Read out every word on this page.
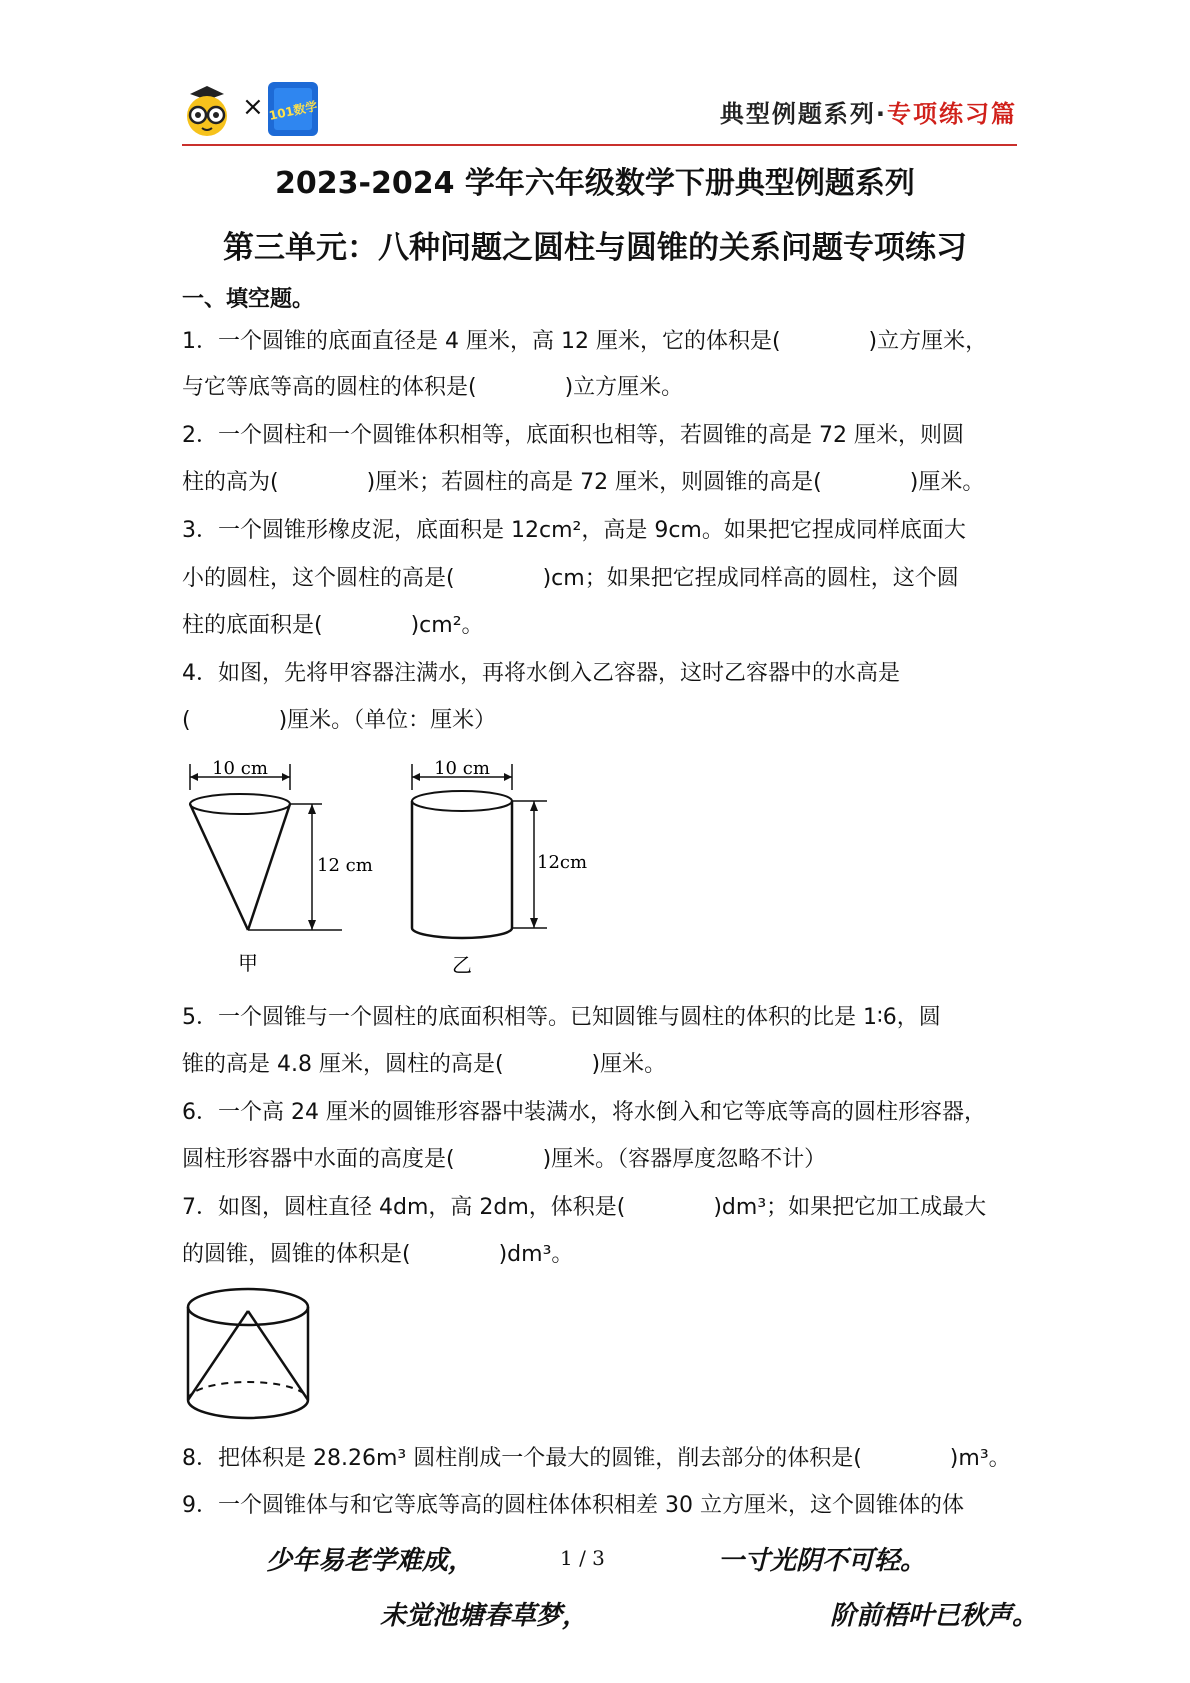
× 101数学	典型例题系列·专项练习篇
2023-2024 学年六年级数学下册典型例题系列
第三单元：八种问题之圆柱与圆锥的关系问题专项练习
一、填空题。
1．一个圆锥的底面直径是 4 厘米，高 12 厘米，它的体积是(　　　　)立方厘米，
与它等底等高的圆柱的体积是(　　　　)立方厘米。
2．一个圆柱和一个圆锥体积相等，底面积也相等，若圆锥的高是 72 厘米，则圆
柱的高为(　　　　)厘米；若圆柱的高是 72 厘米，则圆锥的高是(　　　　)厘米。
3．一个圆锥形橡皮泥，底面积是 12cm²，高是 9cm。如果把它捏成同样底面大
小的圆柱，这个圆柱的高是(　　　　)cm；如果把它捏成同样高的圆柱，这个圆
柱的底面积是(　　　　)cm²。
4．如图，先将甲容器注满水，再将水倒入乙容器，这时乙容器中的水高是
(　　　　)厘米。（单位：厘米）
10 cm
12 cm
甲
10 cm
12cm
乙
5．一个圆锥与一个圆柱的底面积相等。已知圆锥与圆柱的体积的比是 1∶6，圆
锥的高是 4.8 厘米，圆柱的高是(　　　　)厘米。
6．一个高 24 厘米的圆锥形容器中装满水，将水倒入和它等底等高的圆柱形容器，
圆柱形容器中水面的高度是(　　　　)厘米。（容器厚度忽略不计）
7．如图，圆柱直径 4dm，高 2dm，体积是(　　　　)dm³；如果把它加工成最大
的圆锥，圆锥的体积是(　　　　)dm³。
8．把体积是 28.26m³ 圆柱削成一个最大的圆锥，削去部分的体积是(　　　　)m³。
9．一个圆锥体与和它等底等高的圆柱体体积相差 30 立方厘米，这个圆锥体的体
少年易老学难成，	1 / 3	一寸光阴不可轻。
未觉池塘春草梦，	阶前梧叶已秋声。
